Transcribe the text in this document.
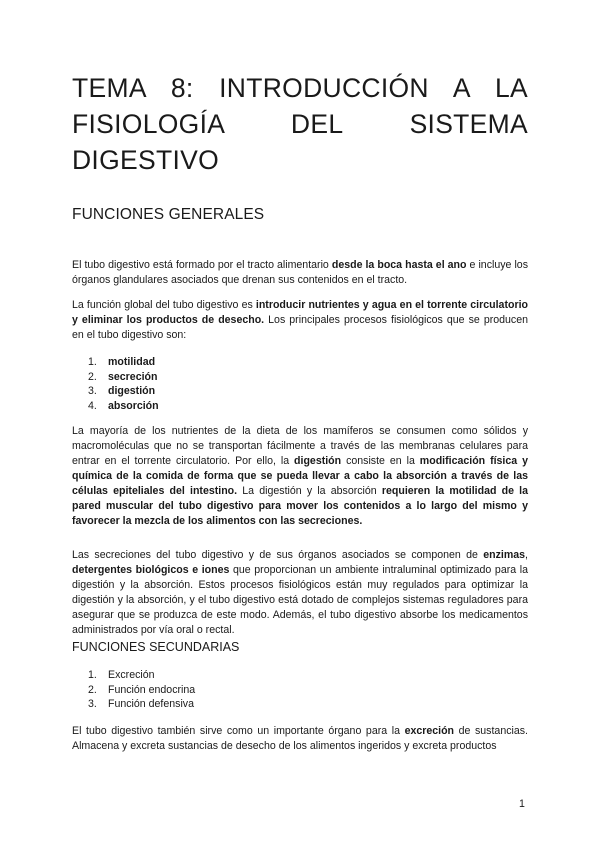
TEMA 8: INTRODUCCIÓN A LA
FISIOLOGÍA DEL SISTEMA
DIGESTIVO
FUNCIONES GENERALES

El tubo digestivo está formado por el tracto alimentario desde la boca hasta el ano e incluye los órganos glandulares asociados que drenan sus contenidos en el tracto.

La función global del tubo digestivo es introducir nutrientes y agua en el torrente circulatorio y eliminar los productos de desecho. Los principales procesos fisiológicos que se producen en el tubo digestivo son:

1. motilidad
2. secreción
3. digestión
4. absorción

La mayoría de los nutrientes de la dieta de los mamíferos se consumen como sólidos y macromoléculas que no se transportan fácilmente a través de las membranas celulares para entrar en el torrente circulatorio. Por ello, la digestión consiste en la modificación física y química de la comida de forma que se pueda llevar a cabo la absorción a través de las células epiteliales del intestino. La digestión y la absorción requieren la motilidad de la pared muscular del tubo digestivo para mover los contenidos a lo largo del mismo y favorecer la mezcla de los alimentos con las secreciones.

Las secreciones del tubo digestivo y de sus órganos asociados se componen de enzimas, detergentes biológicos e iones que proporcionan un ambiente intraluminal optimizado para la digestión y la absorción. Estos procesos fisiológicos están muy regulados para optimizar la digestión y la absorción, y el tubo digestivo está dotado de complejos sistemas reguladores para asegurar que se produzca de este modo. Además, el tubo digestivo absorbe los medicamentos administrados por vía oral o rectal.

FUNCIONES SECUNDARIAS
1. Excreción
2. Función endocrina
3. Función defensiva

El tubo digestivo también sirve como un importante órgano para la excreción de sustancias. Almacena y excreta sustancias de desecho de los alimentos ingeridos y excreta productos

1
